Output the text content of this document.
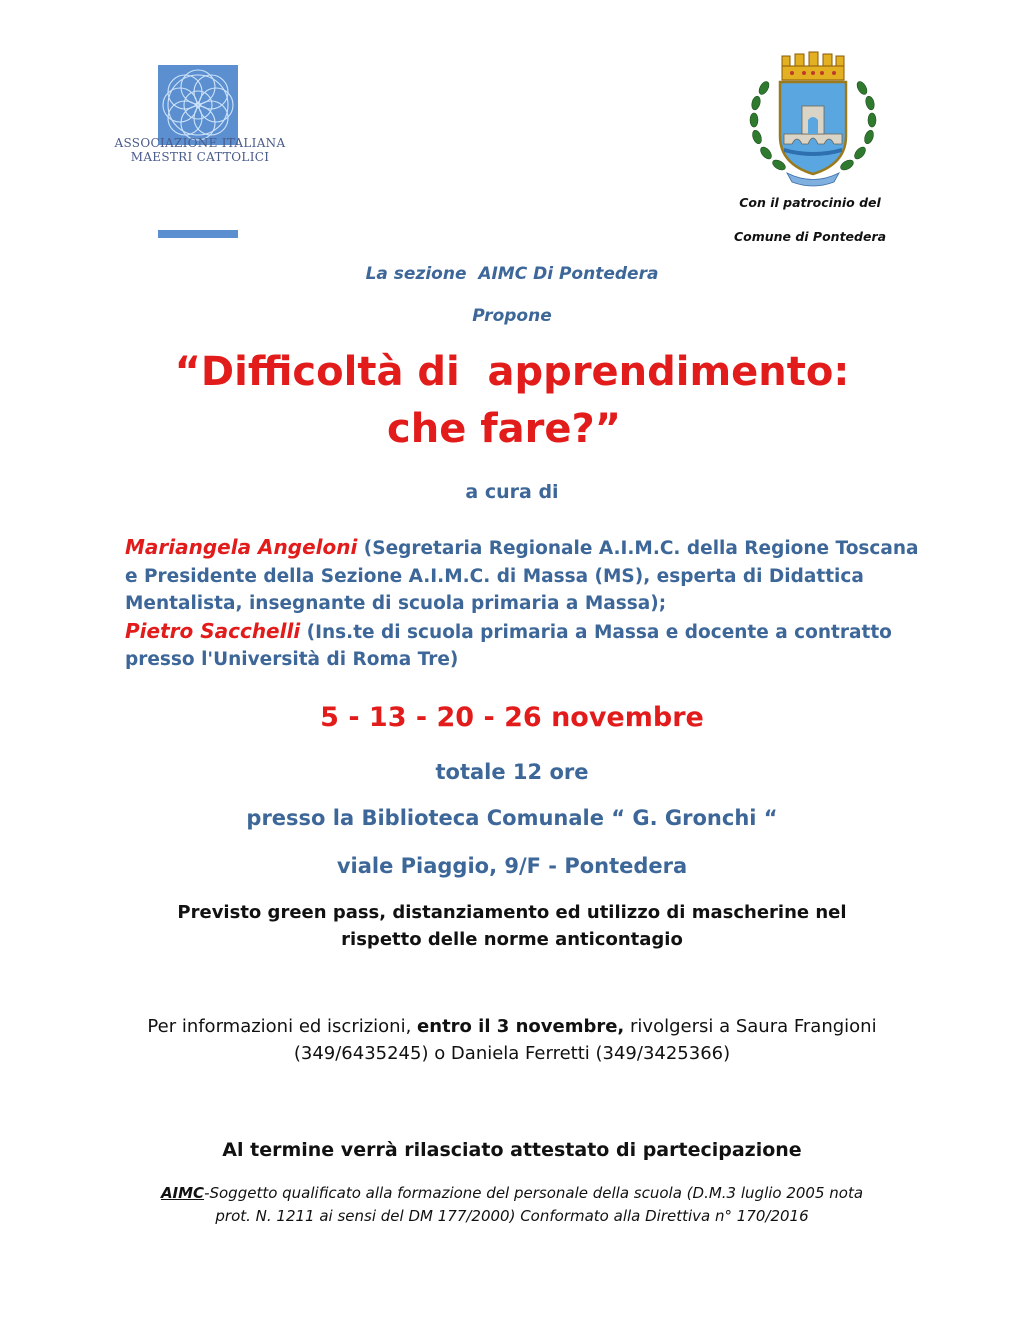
ASSOCIAZIONE ITALIANA
MAESTRI CATTOLICI
Con il patrocinio del
Comune di Pontedera
La sezione  AIMC Di Pontedera
Propone
“Difficoltà di  apprendimento:
che fare?”
a cura di
Mariangela Angeloni (Segretaria Regionale A.I.M.C. della Regione Toscana e Presidente della Sezione A.I.M.C. di Massa (MS), esperta di Didattica Mentalista, insegnante di scuola primaria a Massa);
Pietro Sacchelli (Ins.te di scuola primaria a Massa e docente a contratto presso l'Università di Roma Tre)
5 - 13 - 20 - 26 novembre
totale 12 ore
presso la Biblioteca Comunale “ G. Gronchi “
viale Piaggio, 9/F - Pontedera
Previsto green pass, distanziamento ed utilizzo di mascherine nel
rispetto delle norme anticontagio
Per informazioni ed iscrizioni, entro il 3 novembre, rivolgersi a Saura Frangioni
(349/6435245) o Daniela Ferretti (349/3425366)
Al termine verrà rilasciato attestato di partecipazione
AIMC-Soggetto qualificato alla formazione del personale della scuola (D.M.3 luglio 2005 nota
prot. N. 1211 ai sensi del DM 177/2000) Conformato alla Direttiva n° 170/2016
